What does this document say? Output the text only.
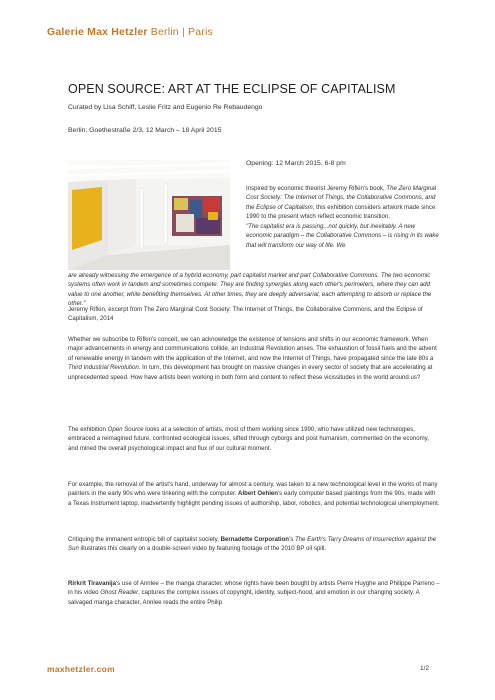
Galerie Max Hetzler Berlin | Paris
OPEN SOURCE: ART AT THE ECLIPSE OF CAPITALISM
Curated by Lisa Schiff, Leslie Fritz and Eugenio Re Rebaudengo
Berlin: Goethestraße 2/3, 12 March – 18 April 2015
Opening: 12 March 2015, 6-8 pm
Inspired by economic theorist Jeremy Rifkin's book, The Zero Marginal Cost Society: The Internet of Things, the Collaborative Commons, and the Eclipse of Capitalism, this exhibition considers artwork made since 1990 to the present which reflect economic transition.
"The capitalist era is passing...not quickly, but inevitably. A new economic paradigm – the Collaborative Commons – is rising in its wake that will transform our way of life. We
are already witnessing the emergence of a hybrid economy, part capitalist market and part Collaborative Commons. The two economic systems often work in tandem and sometimes compete. They are finding synergies along each other's perimeters, where they can add value to one another, while benefiting themselves. At other times, they are deeply adversarial, each attempting to absorb or replace the other."
Jeremy Rifkin, excerpt from The Zero Marginal Cost Society: The Internet of Things, the Collaborative Commons, and the Eclipse of Capitalism, 2014
Whether we subscribe to Rifkin's conceit, we can acknowledge the existence of tensions and shifts in our economic framework. When major advancements in energy and communications collide, an Industrial Revolution arises. The exhaustion of fossil fuels and the advent of renewable energy in tandem with the application of the Internet, and now the Internet of Things, have propagated since the late 80s a Third Industrial Revolution. In turn, this development has brought on massive changes in every sector of society that are accelerating at unprecedented speed. How have artists been working in both form and content to reflect these vicissitudes in the world around us?
The exhibition Open Source looks at a selection of artists, most of them working since 1990, who have utilized new technologies, embraced a reimagined future, confronted ecological issues, sifted through cyborgs and post humanism, commented on the economy, and mined the overall psychological impact and flux of our cultural moment.
For example, the removal of the artist's hand, underway for almost a century, was taken to a new technological level in the works of many painters in the early 90s who were tinkering with the computer. Albert Oehlen's early computer based paintings from the 90s, made with a Texas Instrument laptop, inadvertently highlight pending issues of authorship, labor, robotics, and potential technological unemployment.
Critiquing the immanent entropic bill of capitalist society, Bernadette Corporation's The Earth's Tarry Dreams of Insurrection against the Sun illustrates this clearly on a double-screen video by featuring footage of the 2010 BP oil spill.
Rirkrit Tiravanija's use of Annlee – the manga character, whose rights have been bought by artists Pierre Huyghe and Philippe Parreno – in his video Ghost Reader, captures the complex issues of copyright, identity, subject-hood, and emotion in our changing society. A salvaged manga character, Annlee reads the entire Philip
maxhetzler.com	1/2
